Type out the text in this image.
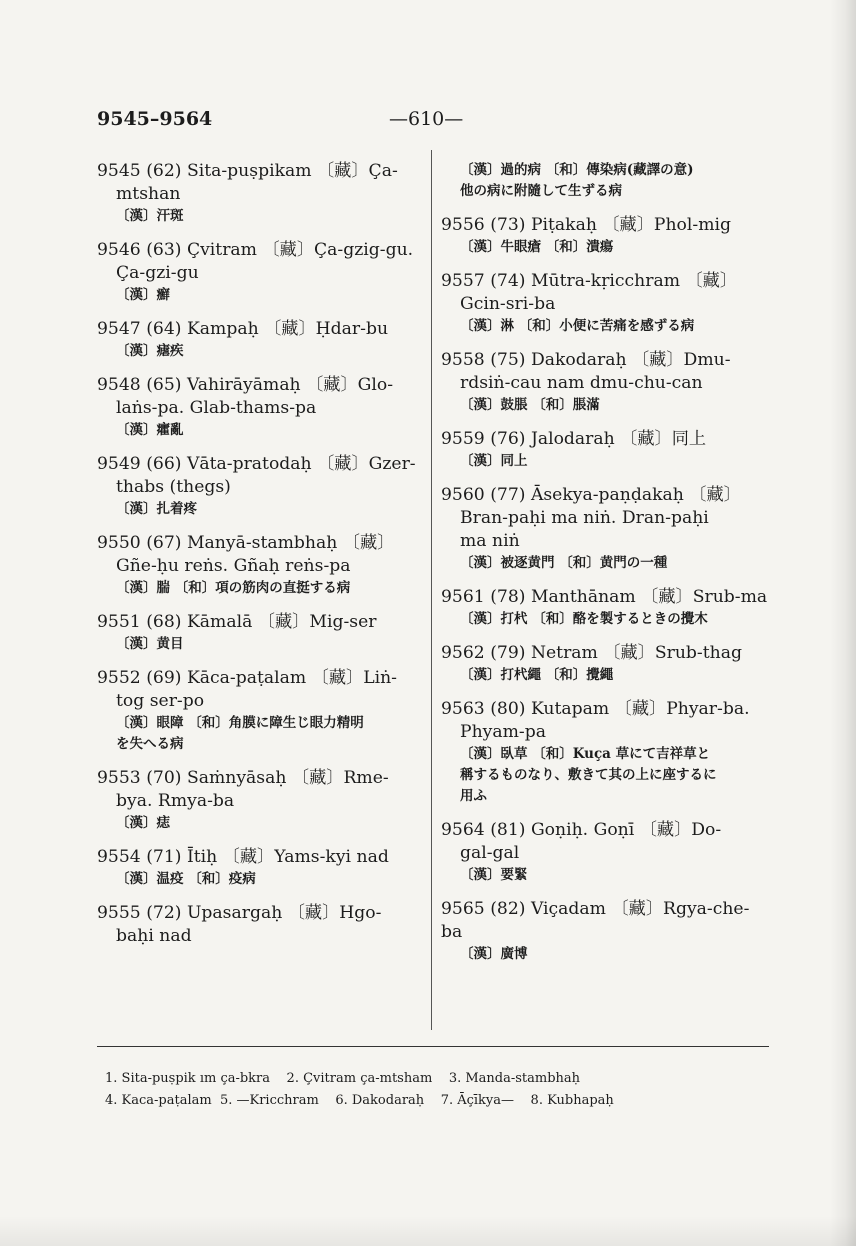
9545–9564	—610—
9545 (62) Sita-puṣpikam 〔藏〕Ça-
mtshan
〔漢〕汗斑
9546 (63) Çvitram 〔藏〕Ça-gzig-gu.
Ça-gzi-gu
〔漢〕癬
9547 (64) Kampaḥ 〔藏〕Ḥdar-bu
〔漢〕瘧疾
9548 (65) Vahirāyāmaḥ 〔藏〕Glo-
laṅs-pa. Glab-thams-pa
〔漢〕癨亂
9549 (66) Vāta-pratodaḥ 〔藏〕Gzer-
thabs (thegs)
〔漢〕扎着疼
9550 (67) Manyā-stambhaḥ 〔藏〕
Gñe-ḥu reṅs. Gñaḥ reṅs-pa
〔漢〕腨 〔和〕項の筋肉の直挺する病
9551 (68) Kāmalā 〔藏〕Mig-ser
〔漢〕黄目
9552 (69) Kāca-paṭalam 〔藏〕Liṅ-
tog ser-po
〔漢〕眼障 〔和〕角膜に障生じ眼力精明
を失へる病
9553 (70) Saṁnyāsaḥ 〔藏〕Rme-
bya. Rmya-ba
〔漢〕痣
9554 (71) Ītiḥ 〔藏〕Yams-kyi nad
〔漢〕温疫 〔和〕疫病
9555 (72) Upasargaḥ 〔藏〕Hgo-
baḥi nad
〔漢〕過的病 〔和〕傳染病(藏譯の意)
他の病に附隨して生ずる病
9556 (73) Piṭakaḥ 〔藏〕Phol-mig
〔漢〕牛眼瘡 〔和〕潰瘍
9557 (74) Mūtra-kṛicchram 〔藏〕
Gcin-sri-ba
〔漢〕淋 〔和〕小便に苦痛を感ずる病
9558 (75) Dakodaraḥ 〔藏〕Dmu-
rdsiṅ-cau nam dmu-chu-can
〔漢〕鼓脹 〔和〕脹滿
9559 (76) Jalodaraḥ 〔藏〕同上
〔漢〕同上
9560 (77) Āsekya-paṇḍakaḥ 〔藏〕
Bran-paḥi ma niṅ. Dran-paḥi
ma niṅ
〔漢〕被逐黄門 〔和〕黄門の一種
9561 (78) Manthānam 〔藏〕Srub-ma
〔漢〕打杙 〔和〕酪を製するときの攪木
9562 (79) Netram 〔藏〕Srub-thag
〔漢〕打杙繩 〔和〕攪繩
9563 (80) Kutapam 〔藏〕Phyar-ba.
Phyam-pa
〔漢〕臥草 〔和〕Kuça 草にて吉祥草と
稱するものなり、敷きて其の上に座するに
用ふ
9564 (81) Goṇiḥ. Goṇī 〔藏〕Do-
gal-gal
〔漢〕要緊
9565 (82) Viçadam 〔藏〕Rgya-che-ba
〔漢〕廣博
1. Sita-puṣpik ım ça-bkra    2. Çvitram ça-mtsham    3. Manda-stambhaḥ
4. Kaca-paṭalam  5. —Kricchram    6. Dakodaraḥ    7. Āçīkya—    8. Kubhapaḥ
